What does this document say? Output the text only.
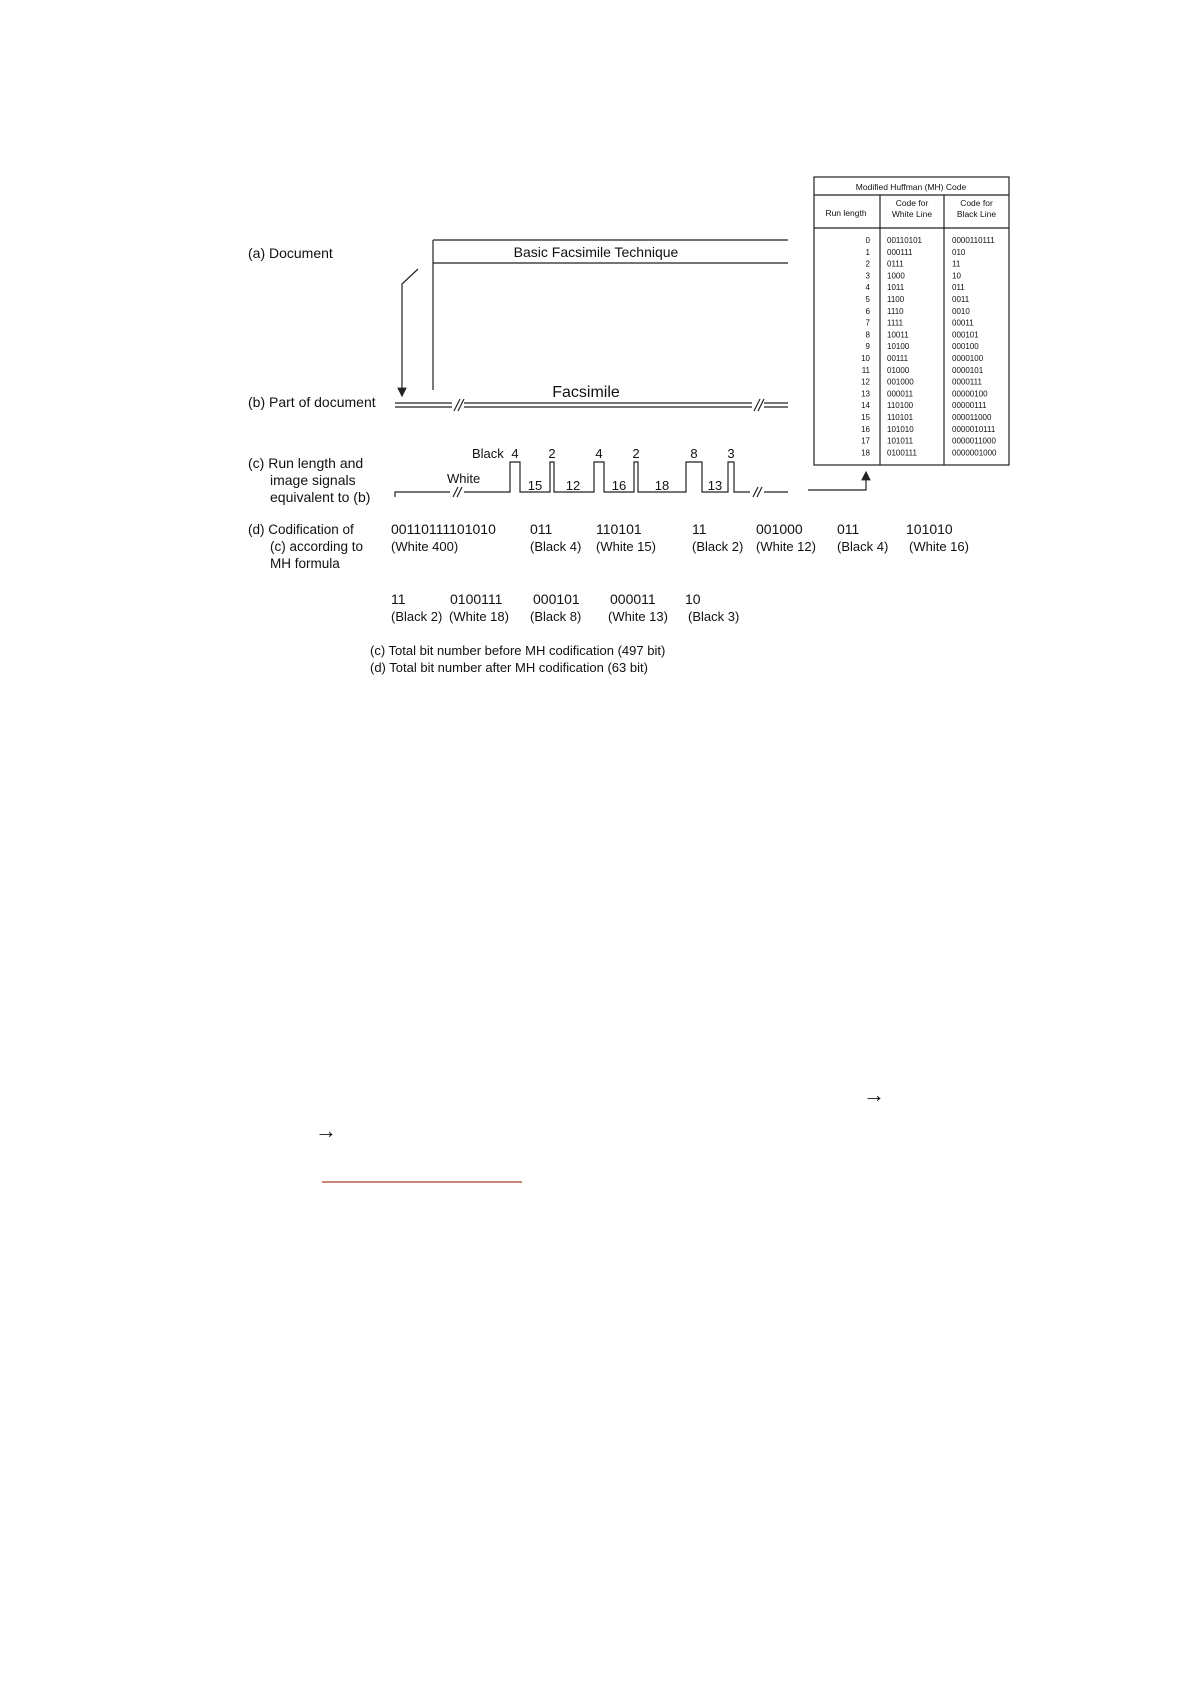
(a) Document
(b) Part of document
(c) Run length and image signals equivalent to (b)
(d) Codification of (c) according to MH formula
Basic Facsimile Technique
Facsimile
Black
White
4 2	4 2	8 3
15 12 16 18	13
00110111101010
(White 400)
011
(Black 4)
110101
(White 15)
11
(Black 2)
001000
(White 12)
011
(Black 4)
101010
(White 16)
11
(Black 2)
0100111
(White 18)
000101
(Black 8)
000011
(White 13)
10
(Black 3)
(c) Total bit number before MH codification (497 bit)
(d) Total bit number after MH codification (63 bit)
Modified Huffman (MH) Code
Run length
Code for White Line
Code for Black Line
0 00110101	0000110111
1 000111	010
2 0111	11
3 1000	10
4 1011	011
5 1100	0011
6 1110	0010
7 1111	00011
8 10011	000101
9 10100	000100
10 00111	0000100
11 01000	0000101
12 001000	0000111
13 000011	00000100
14 110100	00000111
15 110101	000011000
16 101010	0000010111
17 101011	0000011000
18 0100111	0000001000
→
→
